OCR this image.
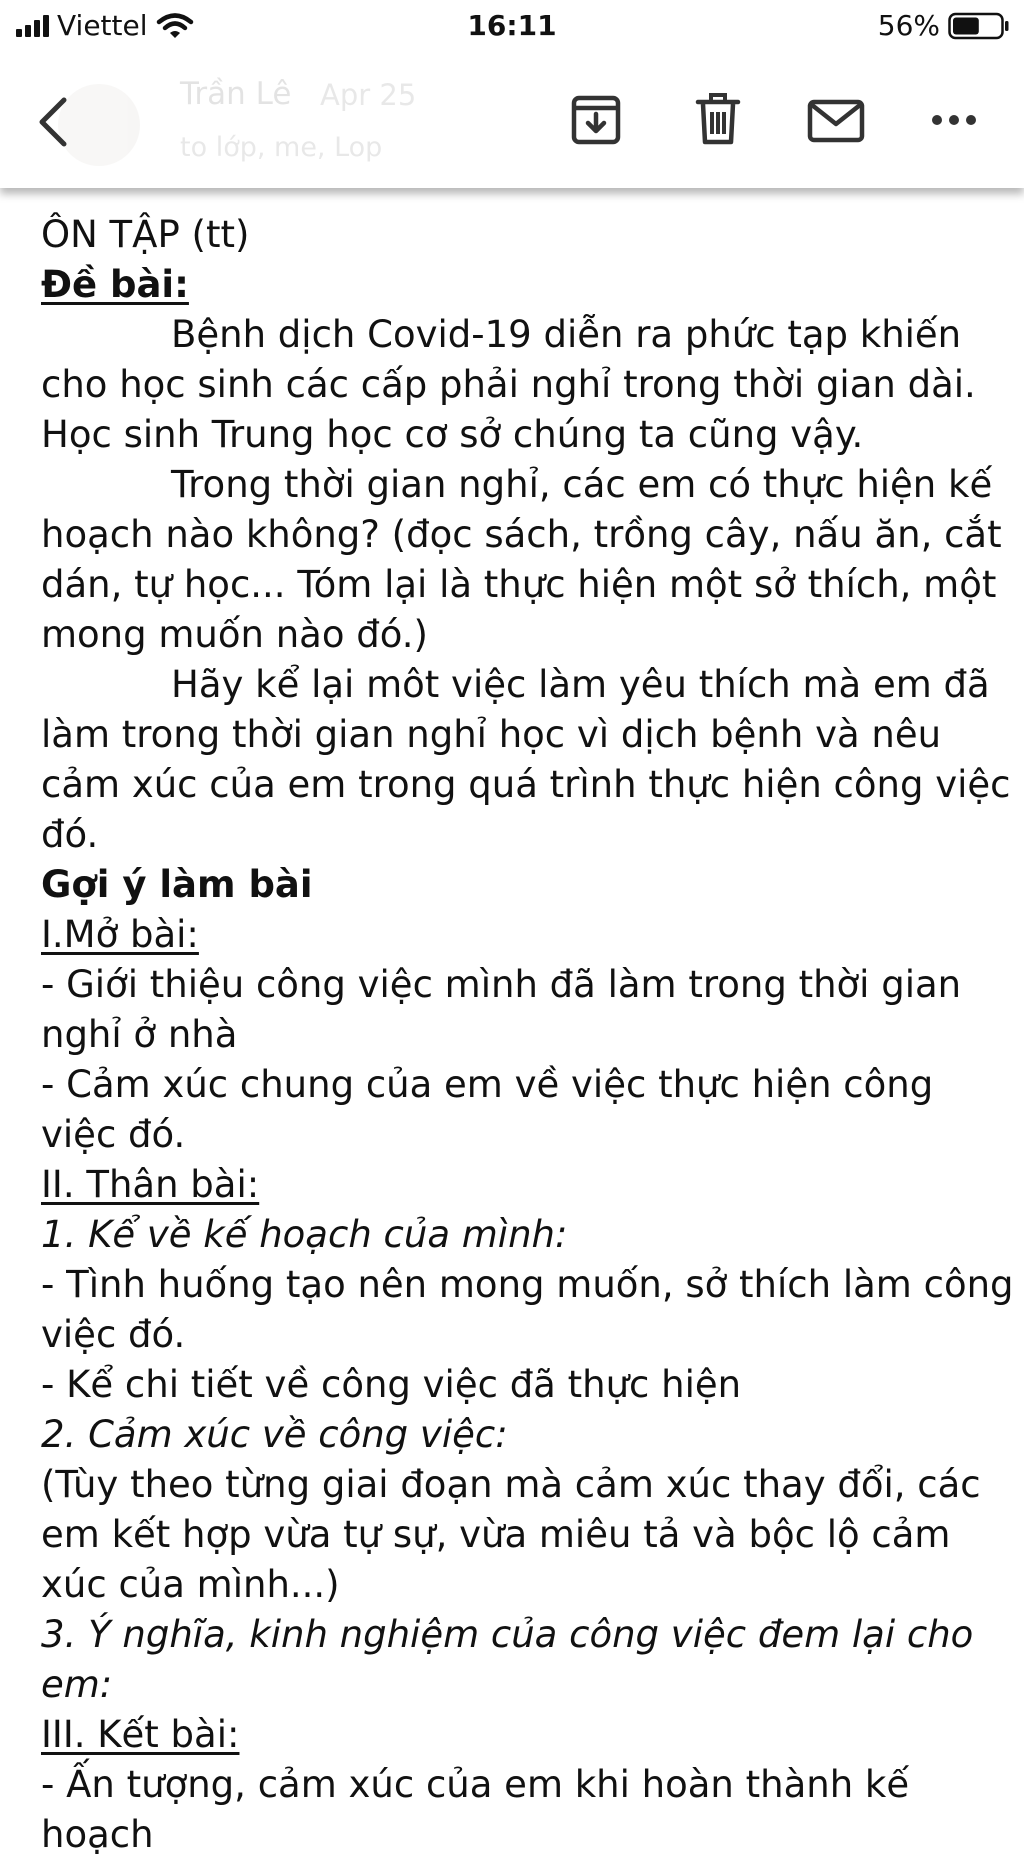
Viettel	16:11	56%
Trần Lê Apr 25
to lớp, me, Lop

ÔN TẬP (tt)

Đề bài:

Bệnh dịch Covid-19 diễn ra phức tạp khiến cho học sinh các cấp phải nghỉ trong thời gian dài. Học sinh Trung học cơ sở chúng ta cũng vậy.

Trong thời gian nghỉ, các em có thực hiện kế hoạch nào không? (đọc sách, trồng cây, nấu ăn, cắt dán, tự học... Tóm lại là thực hiện một sở thích, một mong muốn nào đó.)

Hãy kể lại môt việc làm yêu thích mà em đã làm trong thời gian nghỉ học vì dịch bệnh và nêu cảm xúc của em trong quá trình thực hiện công việc đó.

Gợi ý làm bài

I.Mở bài:

- Giới thiệu công việc mình đã làm trong thời gian nghỉ ở nhà

- Cảm xúc chung của em về việc thực hiện công việc đó.

II. Thân bài:

1. Kể về kế hoạch của mình:

- Tình huống tạo nên mong muốn, sở thích làm công việc đó.

- Kể chi tiết về công việc đã thực hiện

2. Cảm xúc về công việc:

(Tùy theo từng giai đoạn mà cảm xúc thay đổi, các em kết hợp vừa tự sự, vừa miêu tả và bộc lộ cảm xúc của mình...)

3. Ý nghĩa, kinh nghiệm của công việc đem lại cho em:

III. Kết bài:

- Ấn tượng, cảm xúc của em khi hoàn thành kế hoạch
